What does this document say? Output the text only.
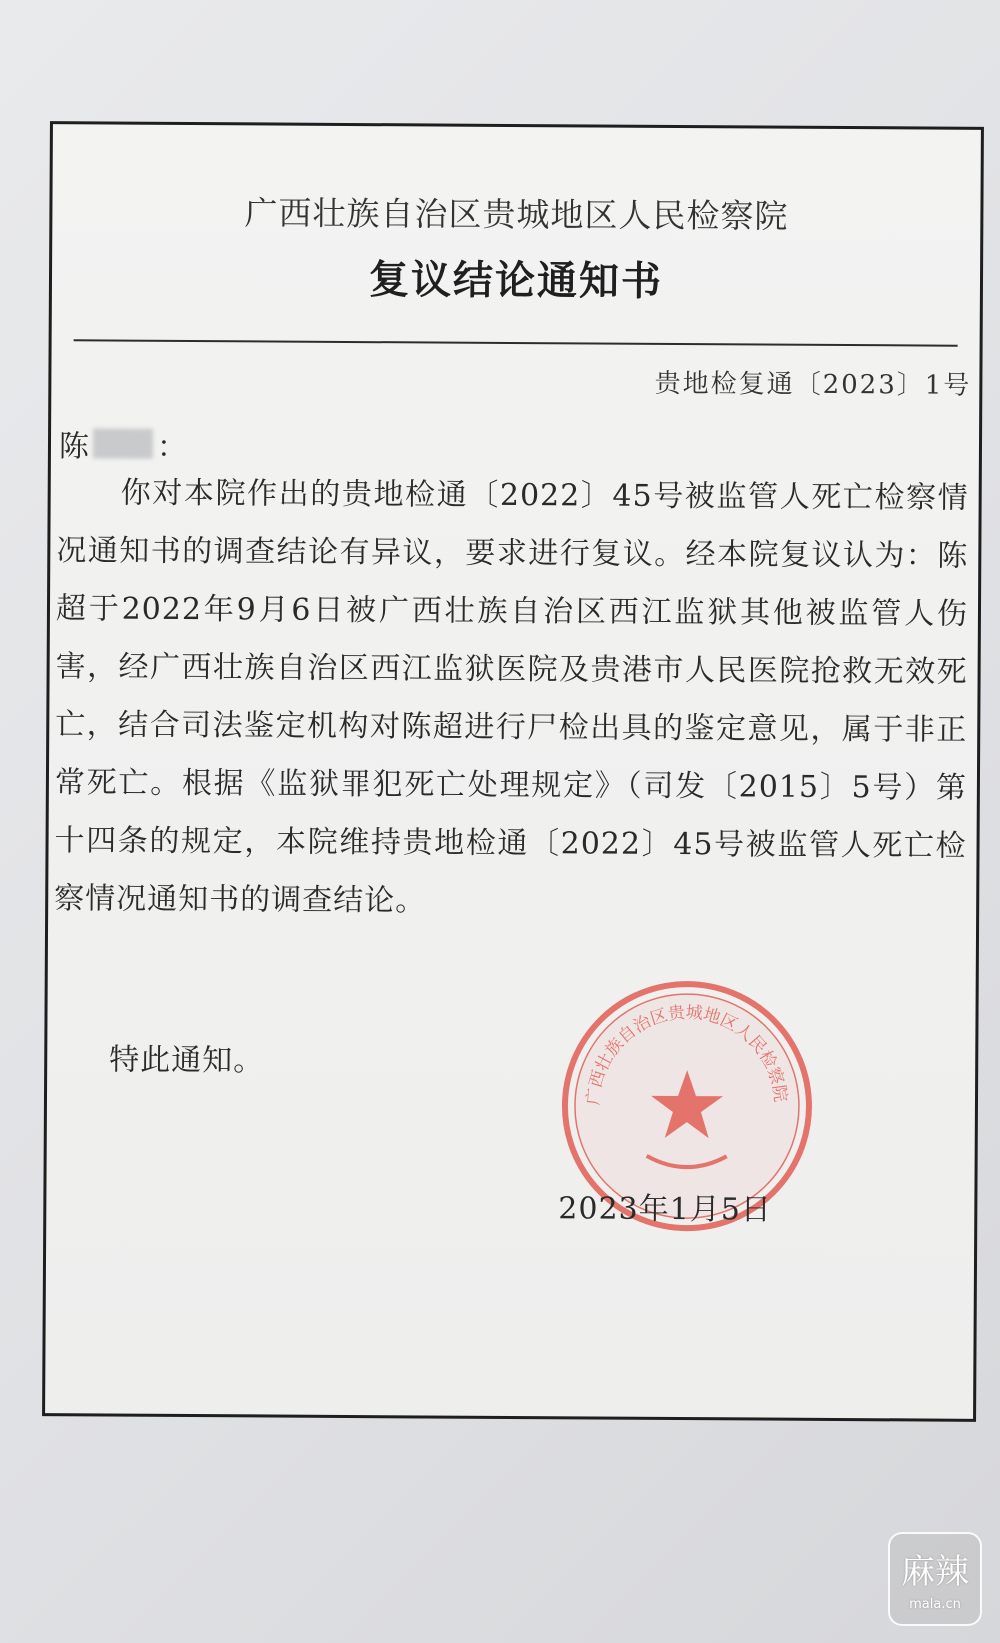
广西壮族自治区贵城地区人民检察院
复议结论通知书
贵地检复通〔2023〕1号
陈 ：

你对本院作出的贵地检通〔2022〕45号被监管人死亡检察情况通知书的调查结论有异议，要求进行复议。经本院复议认为：陈超于2022年9月6日被广西壮族自治区西江监狱其他被监管人伤害，经广西壮族自治区西江监狱医院及贵港市人民医院抢救无效死亡，结合司法鉴定机构对陈超进行尸检出具的鉴定意见，属于非正常死亡。根据《监狱罪犯死亡处理规定》（司发〔2015〕5号）第十四条的规定，本院维持贵地检通〔2022〕45号被监管人死亡检察情况通知书的调查结论。

特此通知。
广西壮族自治区贵城地区人民检察院
2023年1月5日
麻辣
mala.cn
